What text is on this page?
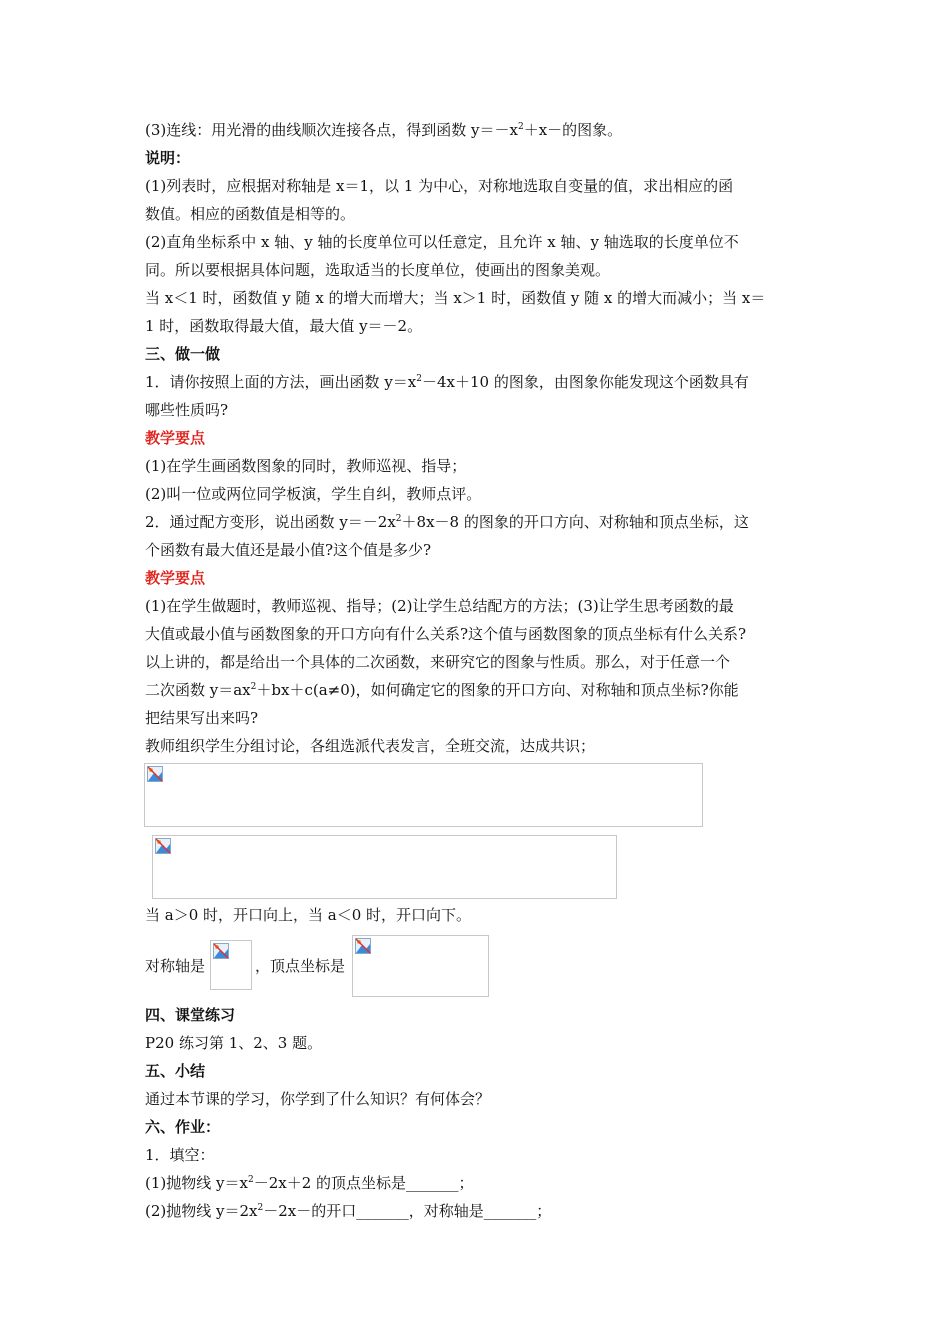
(3)连线：用光滑的曲线顺次连接各点，得到函数 $y=-x^2+x-$的图象。

说明：

(1)列表时，应根据对称轴是 x＝1，以 1 为中心，对称地选取自变量的值，求出相应的函

数值。相应的函数值是相等的。

(2)直角坐标系中 x 轴、y 轴的长度单位可以任意定，且允许 x 轴、y 轴选取的长度单位不

同。所以要根据具体问题，选取适当的长度单位，使画出的图象美观。

当 x＜1 时，函数值 y 随 x 的增大而增大；当 x＞1 时，函数值 y 随 x 的增大而减小；当 x＝

1 时，函数取得最大值，最大值 y＝－2。

三、做一做

1．请你按照上面的方法，画出函数 $y=x^2-4x+10$ 的图象，由图象你能发现这个函数具有

哪些性质吗?

教学要点

(1)在学生画函数图象的同时，教师巡视、指导；

(2)叫一位或两位同学板演，学生自纠，教师点评。

2．通过配方变形，说出函数 $y=-2x^2+8x-8$ 的图象的开口方向、对称轴和顶点坐标，这

个函数有最大值还是最小值?这个值是多少?

教学要点

(1)在学生做题时，教师巡视、指导；(2)让学生总结配方的方法；(3)让学生思考函数的最

大值或最小值与函数图象的开口方向有什么关系?这个值与函数图象的顶点坐标有什么关系?

以上讲的，都是给出一个具体的二次函数，来研究它的图象与性质。那么，对于任意一个

二次函数 $y=ax^2+bx+c(a\ne 0)$，如何确定它的图象的开口方向、对称轴和顶点坐标?你能

把结果写出来吗?

教师组织学生分组讨论，各组选派代表发言，全班交流，达成共识；

当 a＞0 时，开口向上，当 a＜0 时，开口向下。

对称轴是	，顶点坐标是

四、课堂练习

P20 练习第 1、2、3 题。

五、小结

通过本节课的学习，你学到了什么知识？有何体会？

六、作业：

1．填空：

(1)抛物线 $y=x^2-2x+2$ 的顶点坐标是_______；

(2)抛物线 $y=2x^2-2x-$的开口_______，对称轴是_______；
